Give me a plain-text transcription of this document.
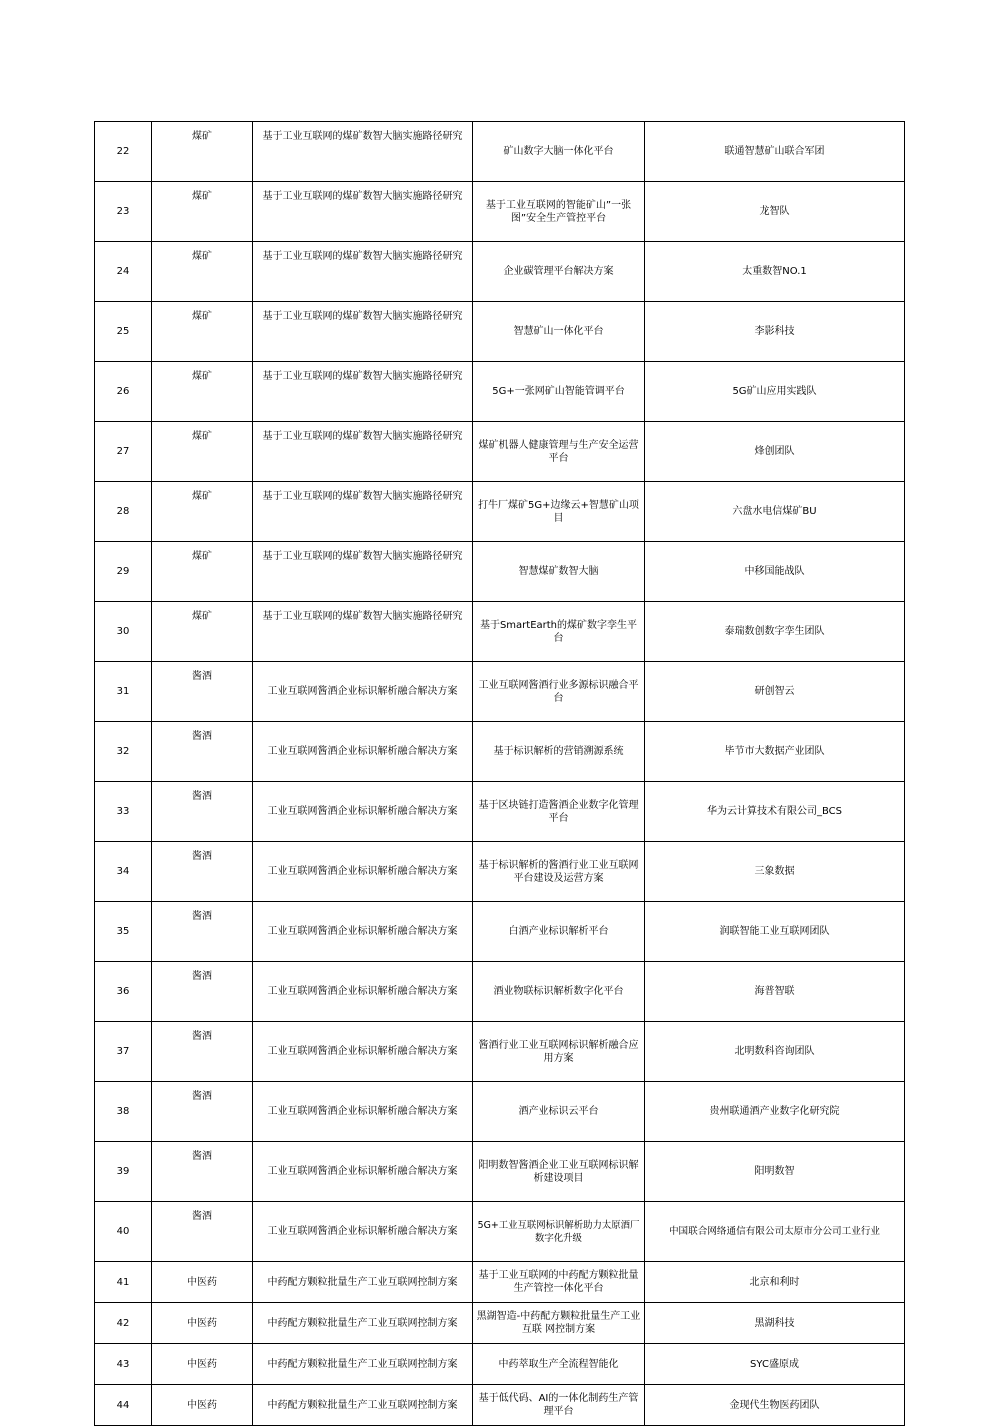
22	煤矿	基于工业互联网的煤矿数智大脑实施路径研究	矿山数字大脑一体化平台	联通智慧矿山联合军团
23	煤矿	基于工业互联网的煤矿数智大脑实施路径研究	基于工业互联网的智能矿山”一张图”安全生产管控平台	龙智队
24	煤矿	基于工业互联网的煤矿数智大脑实施路径研究	企业碳管理平台解决方案	太重数智NO.1
25	煤矿	基于工业互联网的煤矿数智大脑实施路径研究	智慧矿山一体化平台	李影科技
26	煤矿	基于工业互联网的煤矿数智大脑实施路径研究	5G+一张网矿山智能管调平台	5G矿山应用实践队
27	煤矿	基于工业互联网的煤矿数智大脑实施路径研究	煤矿机器人健康管理与生产安全运营平台	烽创团队
28	煤矿	基于工业互联网的煤矿数智大脑实施路径研究	打牛厂煤矿5G+边缘云+智慧矿山项目	六盘水电信煤矿BU
29	煤矿	基于工业互联网的煤矿数智大脑实施路径研究	智慧煤矿数智大脑	中移国能战队
30	煤矿	基于工业互联网的煤矿数智大脑实施路径研究	基于SmartEarth的煤矿数字孪生平台	泰瑞数创数字孪生团队
31	酱酒	工业互联网酱酒企业标识解析融合解决方案	工业互联网酱酒行业多源标识融合平台	研创智云
32	酱酒	工业互联网酱酒企业标识解析融合解决方案	基于标识解析的营销溯源系统	毕节市大数据产业团队
33	酱酒	工业互联网酱酒企业标识解析融合解决方案	基于区块链打造酱酒企业数字化管理平台	华为云计算技术有限公司_BCS
34	酱酒	工业互联网酱酒企业标识解析融合解决方案	基于标识解析的酱酒行业工业互联网平台建设及运营方案	三象数据
35	酱酒	工业互联网酱酒企业标识解析融合解决方案	白酒产业标识解析平台	润联智能工业互联网团队
36	酱酒	工业互联网酱酒企业标识解析融合解决方案	酒业物联标识解析数字化平台	海普智联
37	酱酒	工业互联网酱酒企业标识解析融合解决方案	酱酒行业工业互联网标识解析融合应用方案	北明数科咨询团队
38	酱酒	工业互联网酱酒企业标识解析融合解决方案	酒产业标识云平台	贵州联通酒产业数字化研究院
39	酱酒	工业互联网酱酒企业标识解析融合解决方案	阳明数智酱酒企业工业互联网标识解析建设项目	阳明数智
40	酱酒	工业互联网酱酒企业标识解析融合解决方案	5G+工业互联网标识解析助力太原酒厂数字化升级	中国联合网络通信有限公司太原市分公司工业行业
41	中医药	中药配方颗粒批量生产工业互联网控制方案	基于工业互联网的中药配方颗粒批量生产管控一体化平台	北京和利时
42	中医药	中药配方颗粒批量生产工业互联网控制方案	黑湖智造-中药配方颗粒批量生产工业互联 网控制方案	黑湖科技
43	中医药	中药配方颗粒批量生产工业互联网控制方案	中药萃取生产全流程智能化	SYC盛原成
44	中医药	中药配方颗粒批量生产工业互联网控制方案	基于低代码、AI的一体化制药生产管理平台	金现代生物医药团队
